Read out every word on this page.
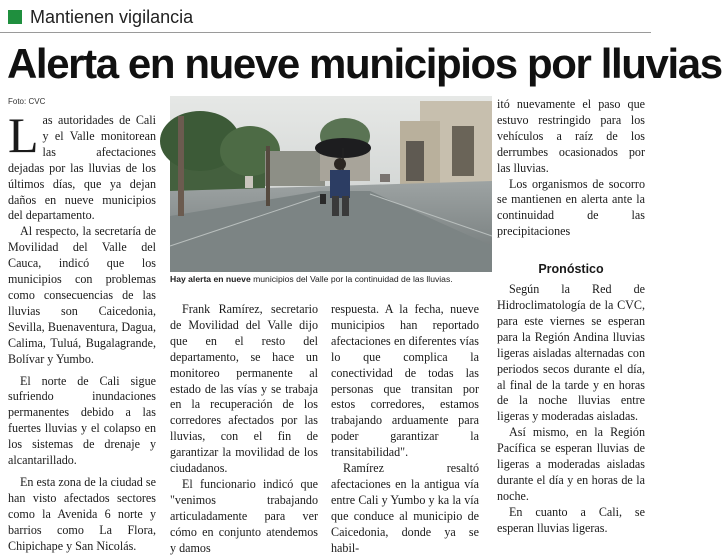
Mantienen vigilancia
Alerta en nueve municipios por lluvias
Foto: CVC

Las autoridades de Cali y el Valle monitorean las afectaciones dejadas por las lluvias de los últimos días, que ya dejan daños en nueve municipios del departamento.

Al respecto, la secretaría de Movilidad del Valle del Cauca, indicó que los municipios con problemas como consecuencias de las lluvias son Caicedonia, Sevilla, Buenaventura, Dagua, Calima, Tuluá, Bugalagrande, Bolívar y Yumbo.

El norte de Cali sigue sufriendo inundaciones permanentes debido a las fuertes lluvias y el colapso en los sistemas de drenaje y alcantarillado.

En esta zona de la ciudad se han visto afectados sectores como la Avenida 6 norte y barrios como La Flora, Chipichape y San Nicolás.

Hay alerta en nueve municipios del Valle por la continuidad de las lluvias.

Frank Ramírez, secretario de Movilidad del Valle dijo que en el resto del departamento, se hace un monitoreo permanente al estado de las vías y se trabaja en la recuperación de los corredores afectados por las lluvias, con el fin de garantizar la movilidad de los ciudadanos.

El funcionario indicó que "venimos trabajando articuladamente para ver cómo en conjunto atendemos y damos

respuesta. A la fecha, nueve municipios han reportado afectaciones en diferentes vías lo que complica la conectividad de todas las personas que transitan por estos corredores, estamos trabajando arduamente para poder garantizar la transitabilidad".

Ramírez resaltó afectaciones en la antigua vía entre Cali y Yumbo y ka la vía que conduce al municipio de Caicedonia, donde ya se habil-

itó nuevamente el paso que estuvo restringido para los vehículos a raíz de los derrumbes ocasionados por las lluvias.

Los organismos de socorro se mantienen en alerta ante la continuidad de las precipitaciones

Pronóstico

Según la Red de Hidroclimatología de la CVC, para este viernes se esperan para la Región Andina lluvias ligeras aisladas alternadas con periodos secos durante el día, al final de la tarde y en horas de la noche lluvias entre ligeras y moderadas aisladas.

Así mismo, en la Región Pacífica se esperan lluvias de ligeras a moderadas aisladas durante el día y en horas de la noche.

En cuanto a Cali, se esperan lluvias ligeras.
